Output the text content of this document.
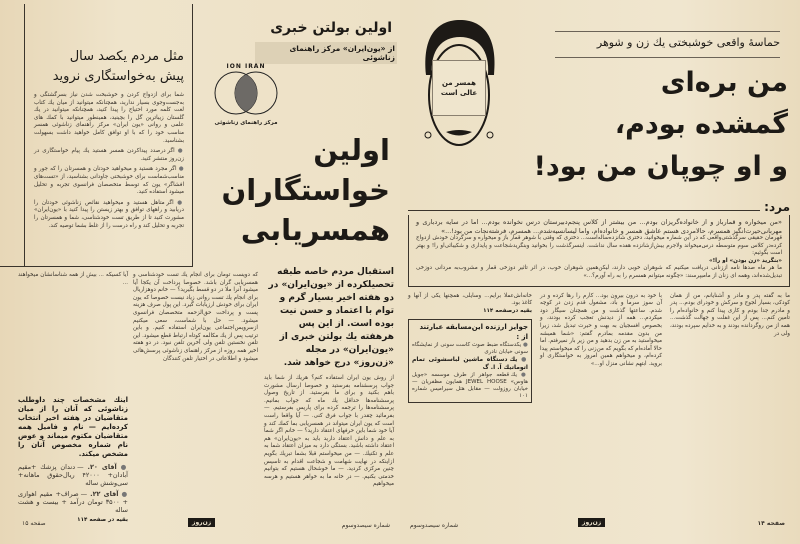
مثل مردم یکصد سال
پیش به‌خواستگاری نروید
شما برای ازدواج کردن و خوشبخت شدن نیاز بسرگشتگی و به‌جست‌وجوی بسیار ندارید، همچنانکه میتوانید از میان یك کتاب لغت کلمه مورد احتیاج را پیدا کنید، همچنانکه میتوانید در یك گلستان زیباترین گل را بچینید، همینطور میتوانید با کمك های علمی و روانی «یون ایران» مرکز راهنمای زناشوئی همسر مناسب خود را که با او توافق کامل خواهید داشت بسهولت بشناسید.
● اگر درصدد پیداکردن همسر هستید یك پیام خواستگاری در زن‌روز منتشر کنید.
● اگر مجرد هستید و میخواهید خودتان و همسرتان را که جور و مناسب‌شماست برای خوشبختی جاودانی بشناسید، از «تست‌های افشاگر» یون که توسط متخصصان فرانسوی تجربه و تحلیل میشود استفاده کنید.
● اگر متاهل هستید و میخواهید نقائص زناشوئی خودتان را دریابید و راههای توافق و بهتر زیستن را پیدا کنید با «یون‌ایران» مشورت کنید تا از طریق تست خودشناسی، شما و همسرتان را تجربه و تحلیل کند و راه درست را از غلط بشما توصیه کند.
اولین بولتن خبری
از «یون‌ایران» مرکز راهنمای زناشوئی
ION IRAN
مرکز راهنمای زناشوئی
اولین
خواستگاران
همسریابی
استقبال مردم خاصه طبقه تحصیلکرده از «یون‌ایران» در دو هفته اخیر بسیار گرم و توام با اعتماد و حسن نیت بوده است. از این پس هرهفته یك بولتن خبری از «یون‌ایران» در مجله «زن‌روز» درج خواهد شد.
از روش یون ایران استفاده کنم؟ هریك از شما باید جواب پرسشنامه بفرستید و خصوصا ارسال مشورت باهم بکنید و برای ما بفرستید. از تاریخ وصول پرسشنامه‌ها حداقل یك ماه که جواب بمانیم. پرسشنامه‌ها را ترجمه کرده برای پاریس بفرستیم. — بفرمائید چقدر با جواب فرق کنی. — آیا واقعا راست است که یون ایران میتواند در همسریابی بما کمك کند و آیا خود شما باین حرفهای اعتقاد دارید؟ — خانم اگر شما به علم و دانش اعتقاد دارید باید به «یون‌ایران» هم اعتقاد داشته باشید. بستگی دارد به میزان اعتقاد شما به علم و تکنیك. — من میخواستم قبلا بشما تبریك بگویم ازاینکه در نهایت شهامت و شجاعت اقدام به تاسیس چنین مرکزی کردید. — ما خوشحال هستیم که بتوانیم خدمتی بکنیم. — در خانه ما به خواهر هستیم و هرسه میخواهیم
که دویست تومان برای انجام یك تست خودشناسی و همسریابی گران باشد. خصوصا پرداخت آن یکجا آیا میشود آنرا ملا در دو قسط بگیرید؟ — خانم دوهزاریال برای انجام یك تست روانی زیاد نیست خصوصا که یون ایران برای خودش ارزیابات گیرد. این پول صرف هزینه پست و پرداخت حق‌الزحمه متخصصان فرانسوی میشود. — حل با شماست، سعی میکنیم ازسرویس‌اجتماعی یون‌ایران استفاده کنیم. و باین ترتیب پس از یك مکالمه کوتاه ارتباط قطع میشود. این تلفن نخستین تلفن ولی آخرین تلفن نبود. در دو هفته اخیر همه روزه از مرکز راهنمای زناشوئی پرسش‌هائی میشود و اطلاعاتی در اختیار تلفن کنندگان
آیا کسیکه ... بیش از همه شناسانشان میخواهند ...
اینك مشخصات چند داوطلب زناشوئی که آنان را از میان متقاضیان در هفته اخیر انتخاب کرده‌ایم — نام و فامیل همه متقاضیان مکتوم میماند و عوض نام شماره مخصوص آنان را مشخص میکند.
● آقای ۲۰. — دندان پزشك +مقیم آبادان+ ۴۲۰۰۰ ریال‌حقوق ماهانه+ سی‌وشش ساله
● آقای ۲۲. — صراف+ مقیم اهوازی + ۳۵۰۰ تومان درآمد + بیست و هشت ساله
بقیه در صفحه ۱۱۴
صفحه ۱۵	زن‌روز	شماره سیصدوسوم
حماسهٔ واقعی خوشبختی یك زن و شوهر
من بره‌ای
گمشده بودم،
و او چوپان من بود!
همسر من عالی است
مرد:
«من میخواره و قمارباز و از خانواده‌گریزان بودم... من بیشتر از کلاس پنجم‌دبیرستان درس نخوانده بودم... اما در سایه بردباری و مهربانی‌حیرت‌انگیز همسرم، حالامردی هستم عاشق همسر و خانواده‌ام‌، واما لیسانسیه‌شدم... همسرم، فرشته‌نجات من بود!...»
قهرمان حقیقی سرگذشتی‌واقعی که در این شماره میخوانید، دختری شانزده‌ساله‌است... دختری که وقتی با شوهر قمار باز و میخواره و سرگردان خودش ازدواج کرده‌در کلاس سوم متوسطه درس‌میخواند ولاجرم بیش‌ازشانزده هفده سال نداشت. اینسرگذشت را بخوانید وبنگرید‌شجاعت و پایداری و شکیبائی‌او را! و بهتر است بگوئیم:
«بنگرید «زن بودن» او را!»
ما هر ماه صدها نامه اززنانی دریافت میکنیم که شوهران خوبی دارند، لیکن‌همین شوهران خوب، در اثر تاثیر دوزخی قمار و مشروب‌به مردانی دوزخی تبدیل‌شده‌اند، وهمه ای زنان از مامیپرسند: «چگونه میتوانم همسرم را به راه آورم؟...»
ما به گفته پدر و مادر و آشنایانم، من از همان کودکی، بسیار لجوج و سرکش و خودرای بودم... پدر و مادرم جدا بودم و کاری پیدا کنم و خانواده‌ام را تامین کنم... پس از این غفلت و جهالت گذشت... همه از من روگردانده بودند و به خدایم سپرده بودند، ولی در
با خود به درون بیرون بود... کارم را رها کرده و در آن سوز سرما و باد، مشغول قدم زدن در کوچه شدم. ساعتها گذشت و من همچنان سیگار دود میکردم... همه از دیدنش تعجب کرده بودند، و بخصوص افسجیان به بهت و حیرت تبدیل شد، زیرا من بدون مقدمه بمادرم گفتم: «شما همیشه میخواستید به من زن بدهید و من زیر بار نمیرفتم. اما حالا آماده‌ام که بگویم که من‌زنی را که میخواستم پیدا کرده‌ام، و میخواهم همین امروز به خواستگاری او بروید. ابتهم نشانی منزل او...»
خانه‌اش‌عملا برایم... وسایلی، همچنها یکی از آنها و کاغذ بود.
بقیه درصفحه ۱۱۴
جوایز ارزنده این‌مسابقه عبارتند از :
● یکدستگاه ضبط صوت کاست سونی از نمایشگاه سونی خیابان نادری
● یك دستگاه ماشین لباسشوئی تمام اتوماتیك آ. ا. گ
● یك قطعه جواهر از طرف موسسه «جویل هاوس» JEWEL HOOSE همایون مظفریان — خیابان روزولت — مقابل هتل سیرامیس شماره ۱۰۱
شماره سیصدوسوم	زن‌روز	صفحه ۱۴
